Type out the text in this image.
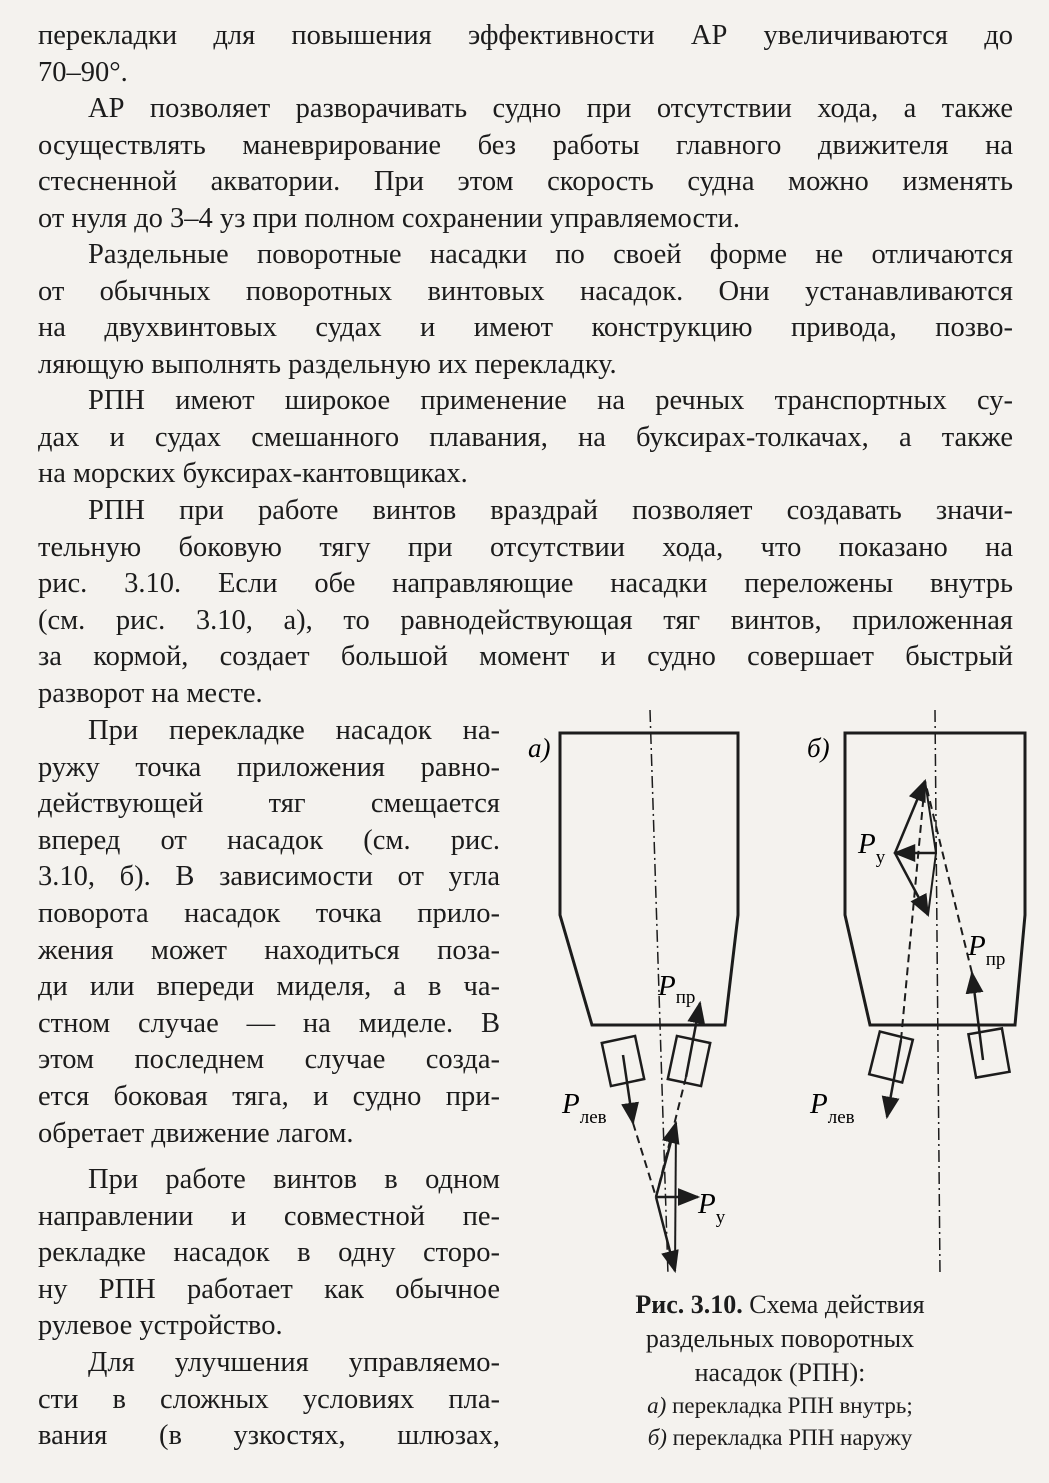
перекладки для повышения эффективности АР увеличиваются до
70–90°.
АР позволяет разворачивать судно при отсутствии хода, а также
осуществлять маневрирование без работы главного движителя на
стесненной акватории. При этом скорость судна можно изменять
от нуля до 3–4 уз при полном сохранении управляемости.
Раздельные поворотные насадки по своей форме не отличаются
от обычных поворотных винтовых насадок. Они устанавливаются
на двухвинтовых судах и имеют конструкцию привода, позво-
ляющую выполнять раздельную их перекладку.
РПН имеют широкое применение на речных транспортных су-
дах и судах смешанного плавания, на буксирах-толкачах, а также
на морских буксирах-кантовщиках.
РПН при работе винтов враздрай позволяет создавать значи-
тельную боковую тягу при отсутствии хода, что показано на
рис. 3.10. Если обе направляющие насадки переложены внутрь
(см. рис. 3.10, а), то равнодействующая тяг винтов, приложенная
за кормой, создает большой момент и судно совершает быстрый
разворот на месте.
При перекладке насадок на-
ружу точка приложения равно-
действующей тяг смещается
вперед от насадок (см. рис.
3.10, б). В зависимости от угла
поворота насадок точка прило-
жения может находиться поза-
ди или впереди миделя, а в ча-
стном случае — на миделе. В
этом последнем случае созда-
ется боковая тяга, и судно при-
обретает движение лагом.
При работе винтов в одном
направлении и совместной пе-
рекладке насадок в одну сторо-
ну РПН работает как обычное
рулевое устройство.
Для улучшения управляемо-
сти в сложных условиях пла-
вания (в узкостях, шлюзах,
а)
$P_{пр}$
$P_{лев}$
$P_у$
б)
$P_у$
$P_{пр}$
$P_{лев}$
Рис. 3.10. Схема действия
раздельных поворотных
насадок (РПН):
а) перекладка РПН внутрь;
б) перекладка РПН наружу
